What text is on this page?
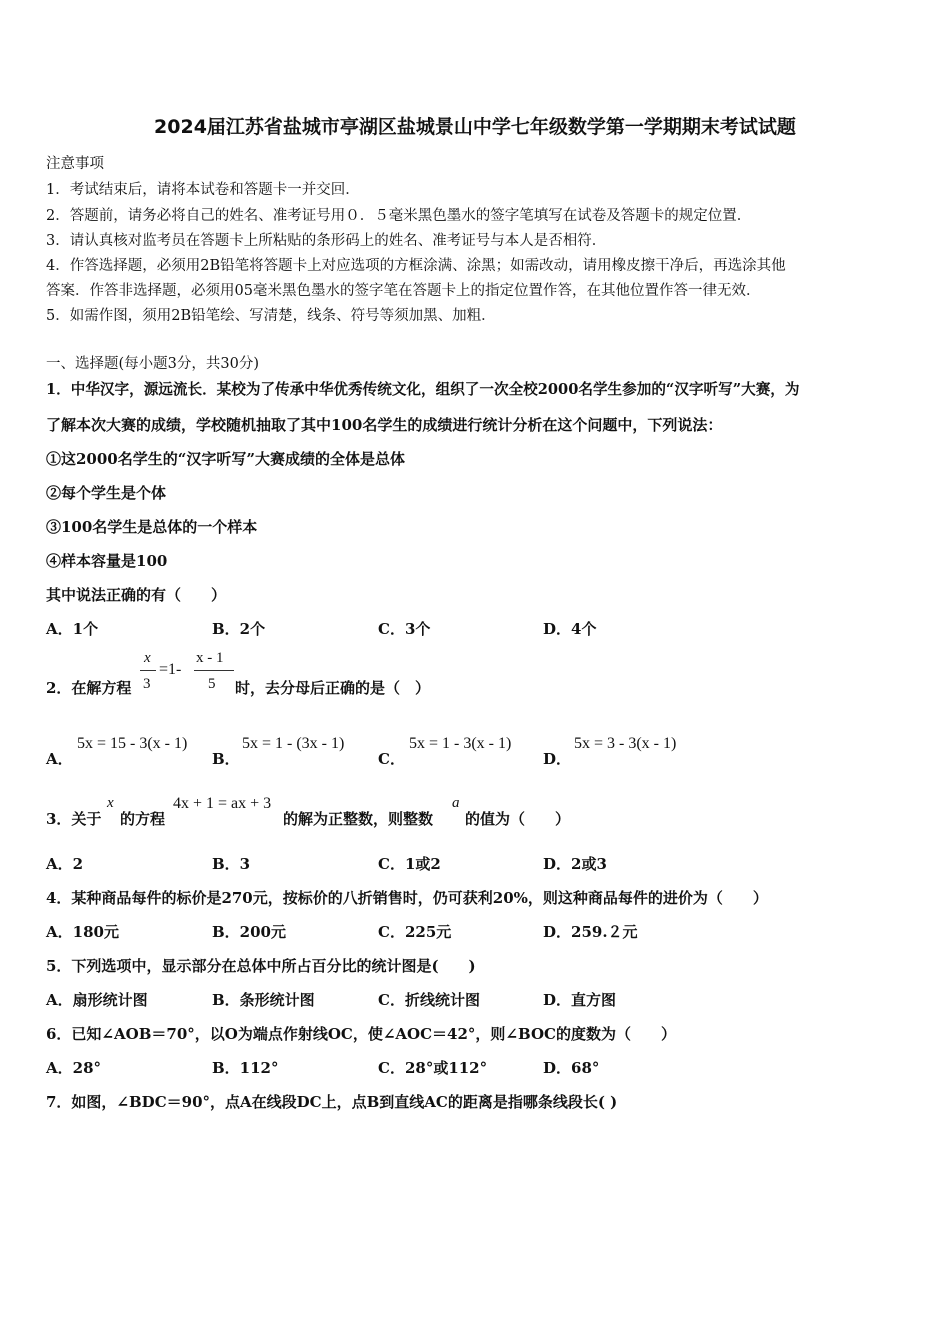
2024届江苏省盐城市亭湖区盐城景山中学七年级数学第一学期期末考试试题
注意事项
1．考试结束后，请将本试卷和答题卡一并交回．
2．答题前，请务必将自己的姓名、准考证号用０．５毫米黑色墨水的签字笔填写在试卷及答题卡的规定位置．
3．请认真核对监考员在答题卡上所粘贴的条形码上的姓名、准考证号与本人是否相符．
4．作答选择题，必须用2B铅笔将答题卡上对应选项的方框涂满、涂黑；如需改动，请用橡皮擦干净后，再选涂其他
答案．作答非选择题，必须用05毫米黑色墨水的签字笔在答题卡上的指定位置作答，在其他位置作答一律无效．
5．如需作图，须用2B铅笔绘、写清楚，线条、符号等须加黑、加粗．
一、选择题(每小题3分，共30分)
1．中华汉字，源远流长．某校为了传承中华优秀传统文化，组织了一次全校2000名学生参加的“汉字听写”大赛，为
了解本次大赛的成绩，学校随机抽取了其中100名学生的成绩进行统计分析在这个问题中，下列说法：
①这2000名学生的“汉字听写”大赛成绩的全体是总体
②每个学生是个体
③100名学生是总体的一个样本
④样本容量是100
其中说法正确的有（　　）
A．1个	B．2个	C．3个	D．4个
2．在解方程
x
3
=1-
x - 1
5 时，去分母后正确的是（　）
A．
5x = 15 - 3(x - 1)
B．
5x = 1 - (3x - 1)
C．
5x = 1 - 3(x - 1)
D．
5x = 3 - 3(x - 1)
3．关于
x
的方程
4x + 1 = ax + 3
的解为正整数，则整数
a
的值为（　　）
A．2	B．3	C．1或2	D．2或3
4．某种商品每件的标价是270元，按标价的八折销售时，仍可获利20%，则这种商品每件的进价为（　　）
A．180元	B．200元	C．225元	D．259.２元
5．下列选项中，显示部分在总体中所占百分比的统计图是(　　)
A．扇形统计图	B．条形统计图	C．折线统计图	D．直方图
6．已知∠AOB＝70°，以O为端点作射线OC，使∠AOC＝42°，则∠BOC的度数为（　　）
A．28°	B．112°	C．28°或112°	D．68°
7．如图，∠BDC＝90°，点A在线段DC上，点B到直线AC的距离是指哪条线段长( )
